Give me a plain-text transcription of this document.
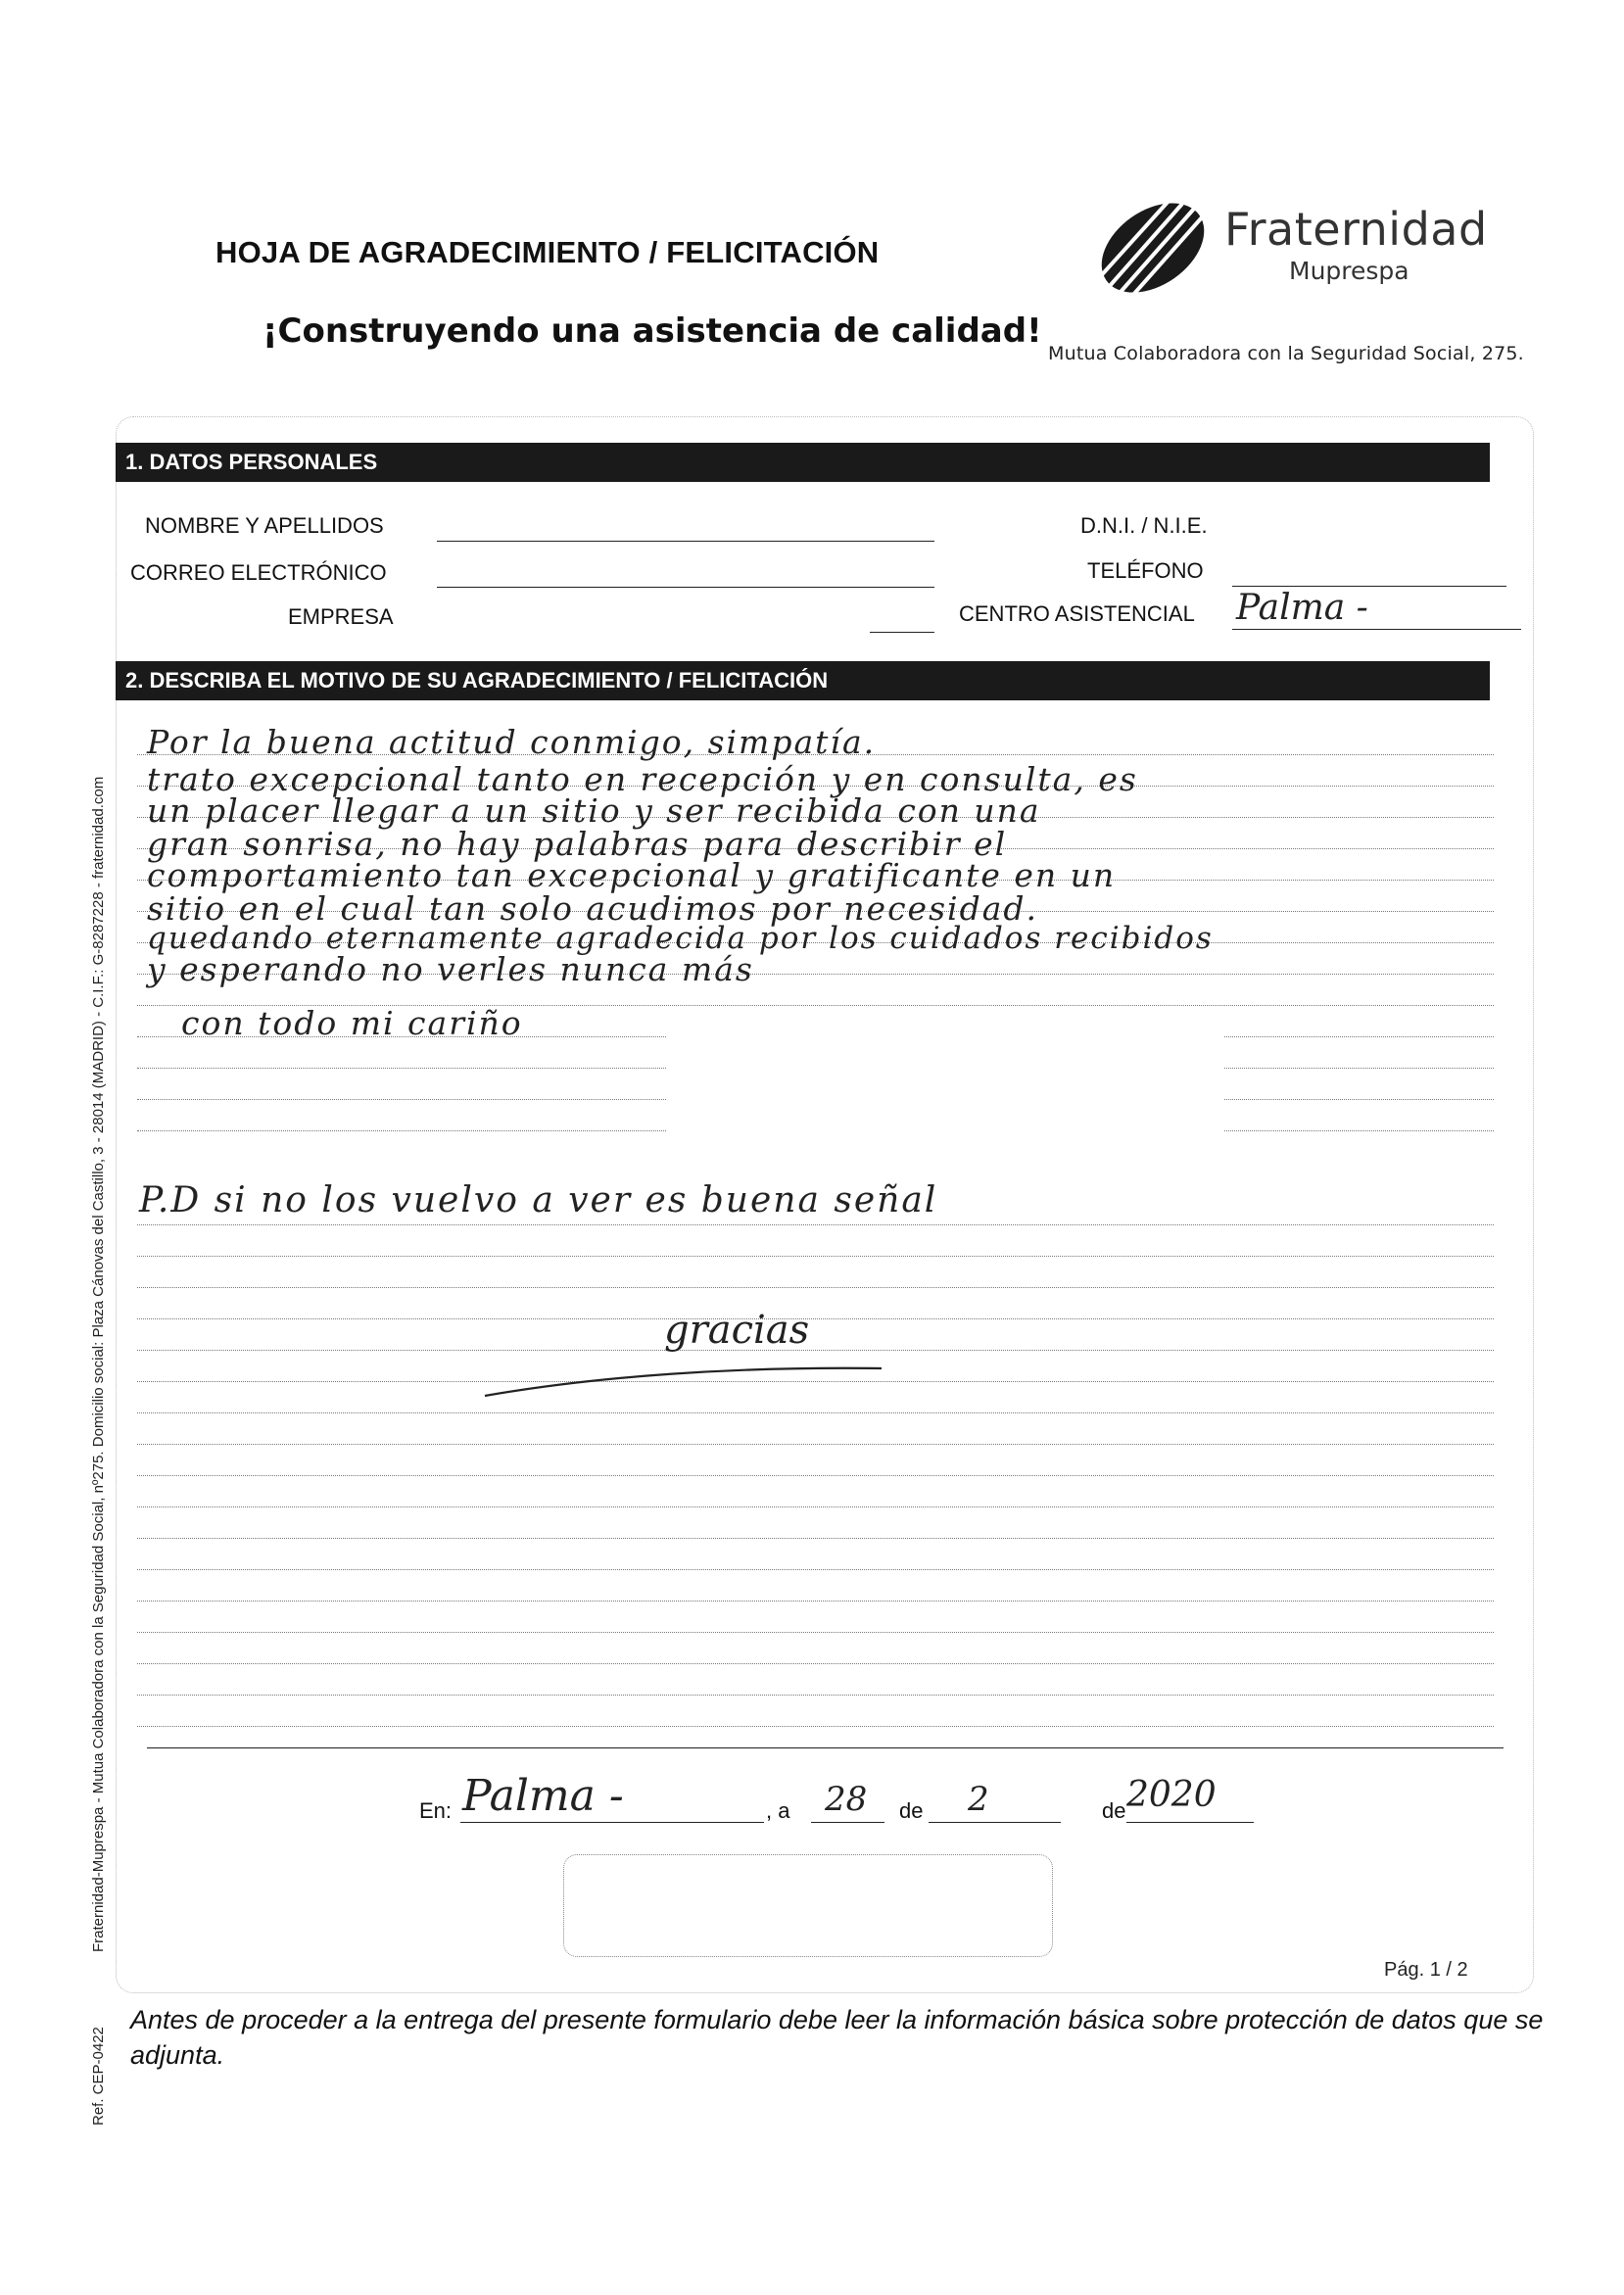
Fraternidad-Muprespa - Mutua Colaboradora con la Seguridad Social, nº275. Domicilio social: Plaza Cánovas del Castillo, 3 - 28014 (MADRID) - C.I.F.: G-8287228 - fraternidad.com
Ref. CEP-0422
HOJA DE AGRADECIMIENTO / FELICITACIÓN
¡Construyendo una asistencia de calidad!
Fraternidad
Muprespa
Mutua Colaboradora con la Seguridad Social, 275.
1. DATOS PERSONALES
NOMBRE Y APELLIDOS
CORREO ELECTRÓNICO
EMPRESA
D.N.I. / N.I.E.
TELÉFONO
CENTRO ASISTENCIAL Palma -
2. DESCRIBA EL MOTIVO DE SU AGRADECIMIENTO / FELICITACIÓN
Por la buena actitud conmigo, simpatía.
trato excepcional tanto en recepción y en consulta, es
un placer llegar a un sitio y ser recibida con una
gran sonrisa, no hay palabras para describir el
comportamiento tan excepcional y gratificante en un
sitio en el cual tan solo acudimos por necesidad.
quedando eternamente agradecida por los cuidados recibidos
y esperando no verles nunca más
con todo mi cariño
P.D si no los vuelvo a ver es buena señal
gracias
En: Palma -	, a 28 de 2	de 2020
Pág. 1 / 2
Antes de proceder a la entrega del presente formulario debe leer la información básica sobre protección de datos que se adjunta.
